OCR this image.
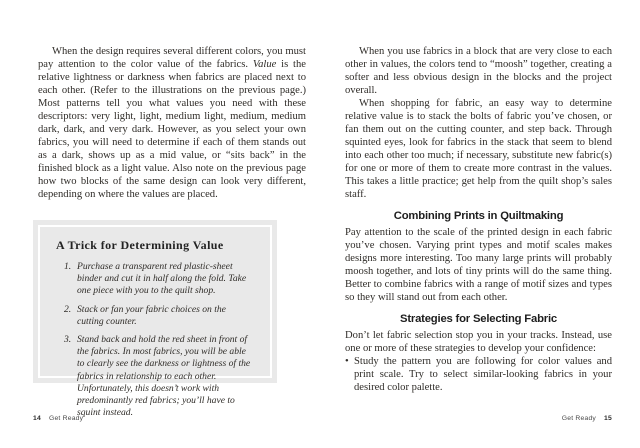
When the design requires several different colors, you must pay attention to the color value of the fabrics. Value is the relative lightness or darkness when fabrics are placed next to each other. (Refer to the illustrations on the previous page.) Most patterns tell you what values you need with these descriptors: very light, light, medium light, medium, medium dark, dark, and very dark. However, as you select your own fabrics, you will need to determine if each of them stands out as a dark, shows up as a mid value, or “sits back” in the finished block as a light value. Also note on the previous page how two blocks of the same design can look very different, depending on where the values are placed.

A Trick for Determining Value
1. Purchase a transparent red plastic-sheet binder and cut it in half along the fold. Take one piece with you to the quilt shop.
2. Stack or fan your fabric choices on the cutting counter.
3. Stand back and hold the red sheet in front of the fabrics. In most fabrics, you will be able to clearly see the darkness or lightness of the fabrics in relationship to each other. Unfortunately, this doesn’t work with predominantly red fabrics; you’ll have to squint instead.
14 Get Ready

When you use fabrics in a block that are very close to each other in values, the colors tend to “moosh” together, creating a softer and less obvious design in the blocks and the project overall.

When shopping for fabric, an easy way to determine relative value is to stack the bolts of fabric you’ve chosen, or fan them out on the cutting counter, and step back. Through squinted eyes, look for fabrics in the stack that seem to blend into each other too much; if necessary, substitute new fabric(s) for one or more of them to create more contrast in the values. This takes a little practice; get help from the quilt shop’s sales staff.

Combining Prints in Quiltmaking

Pay attention to the scale of the printed design in each fabric you’ve chosen. Varying print types and motif scales makes designs more interesting. Too many large prints will probably moosh together, and lots of tiny prints will do the same thing. Better to combine fabrics with a range of motif sizes and types so they will stand out from each other.

Strategies for Selecting Fabric

Don’t let fabric selection stop you in your tracks. Instead, use one or more of these strategies to develop your confidence:

• Study the pattern you are following for color values and print scale. Try to select similar-looking fabrics in your desired color palette.
Get Ready 15
